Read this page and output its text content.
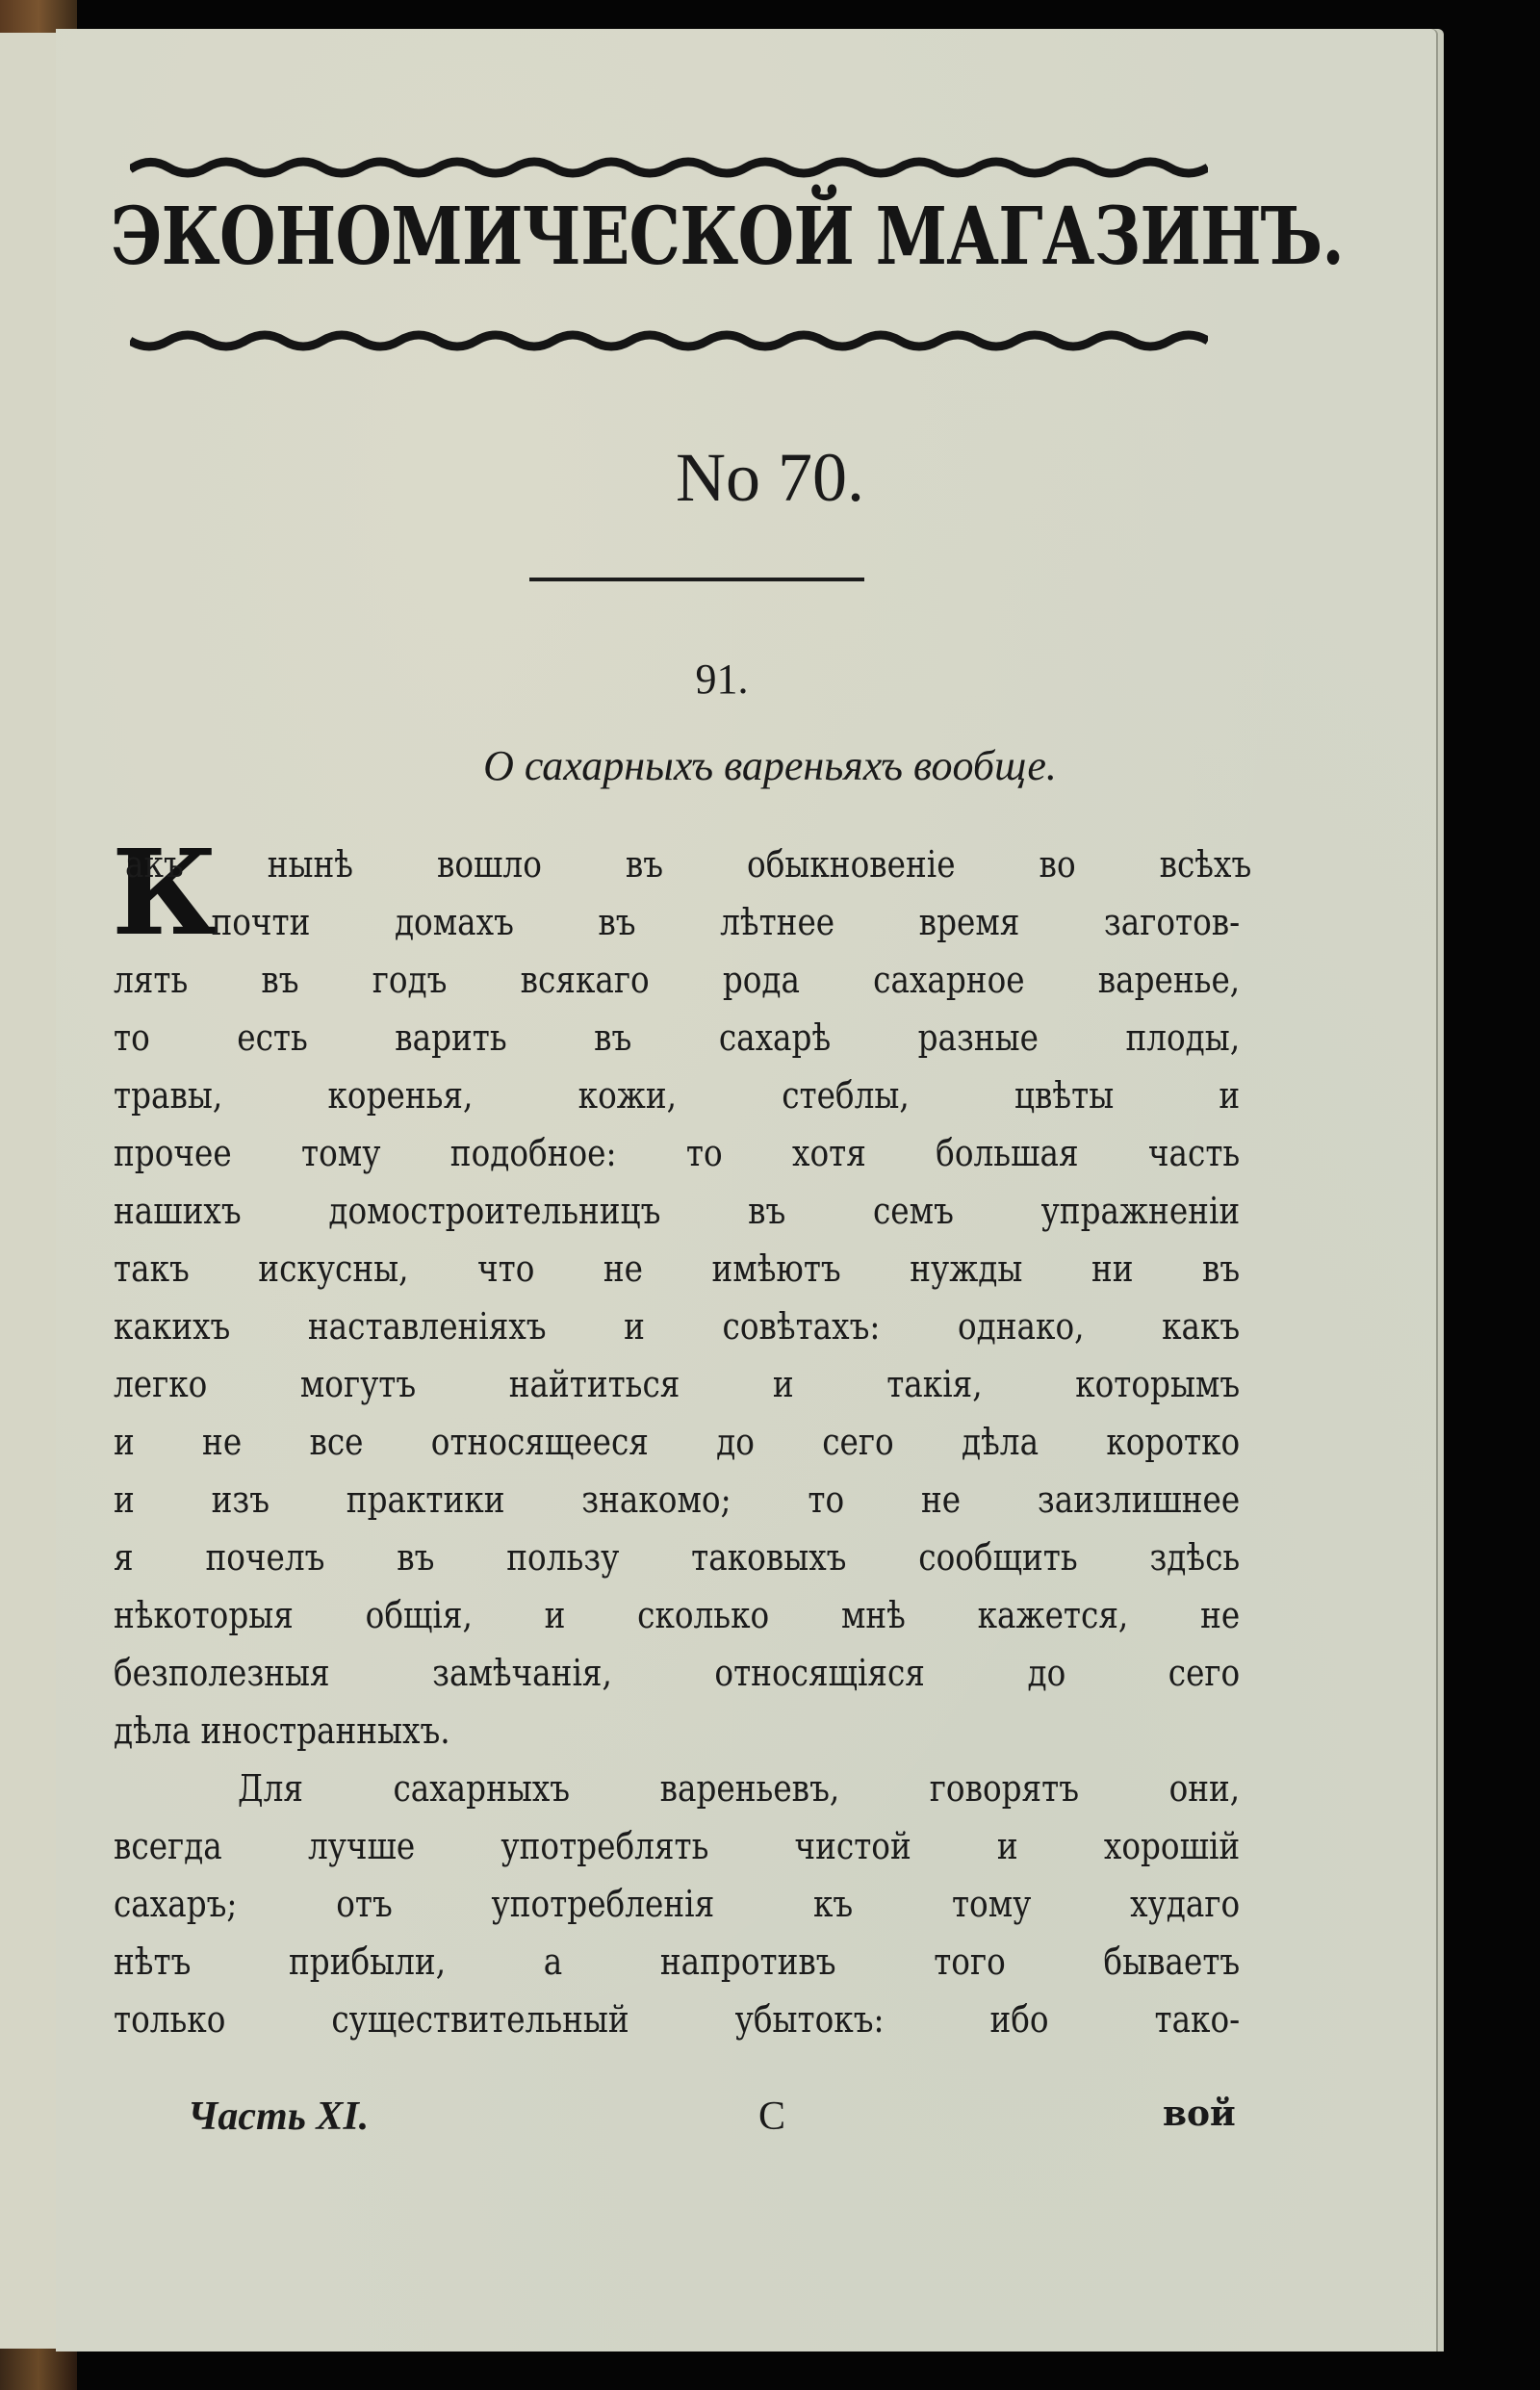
ЭКОНОМИЧЕСКОЙ МАГАЗИНЪ.
No 70.
91.
О сахарныхъ вареньяхъ вообще.
К
акъ нынѣ вошло въ обыкновеніе во всѣхъ
почти домахъ въ лѣтнее время заготов-
лять въ годъ всякаго рода сахарное варенье,
то есть варить въ сахарѣ разные плоды,
травы, коренья, кожи, стеблы, цвѣты и
прочее тому подобное: то хотя большая часть
нашихъ домостроительницъ въ семъ упражненіи
такъ искусны, что не имѣютъ нужды ни въ
какихъ наставленіяхъ и совѣтахъ: однако, какъ
легко могутъ найтиться и такія, которымъ
и не все относящееся до сего дѣла коротко
и изъ практики знакомо; то не заизлишнее
я почелъ въ пользу таковыхъ сообщить здѣсь
нѣкоторыя общія, и сколько мнѣ кажется, не
безполезныя замѣчанія, относящіяся до сего
дѣла иностранныхъ.
Для сахарныхъ вареньевъ, говорятъ они,
всегда лучше употреблять чистой и хорошій
сахаръ; отъ употребленія къ тому худаго
нѣтъ прибыли, а напротивъ того бываетъ
только существительный убытокъ: ибо тако-
Часть XI.	С	вой
